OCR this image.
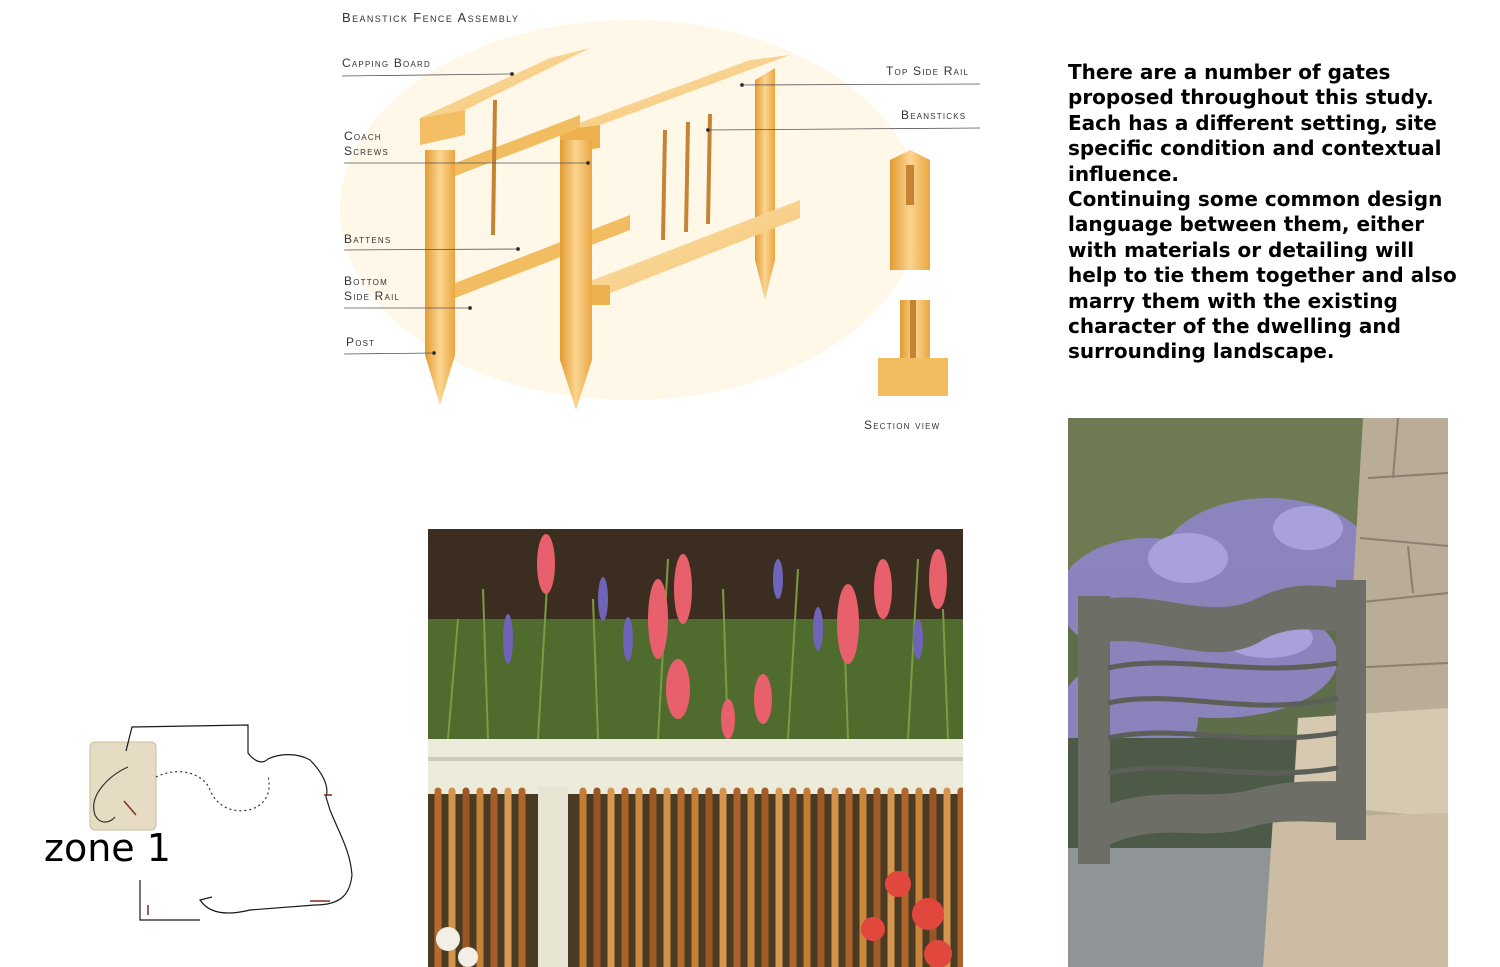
Beanstick Fence Assembly
Capping Board
Coach
Screws
Battens
Bottom
Side Rail
Post
Top Side Rail
Beansticks
Section view

There are a number of gates proposed throughout this study. Each has a different setting, site specific condition and contextual influence.

Continuing some common design language between them, either with materials or detailing will help to tie them together and also marry them with the existing character of the dwelling and surrounding landscape.

zone 1
